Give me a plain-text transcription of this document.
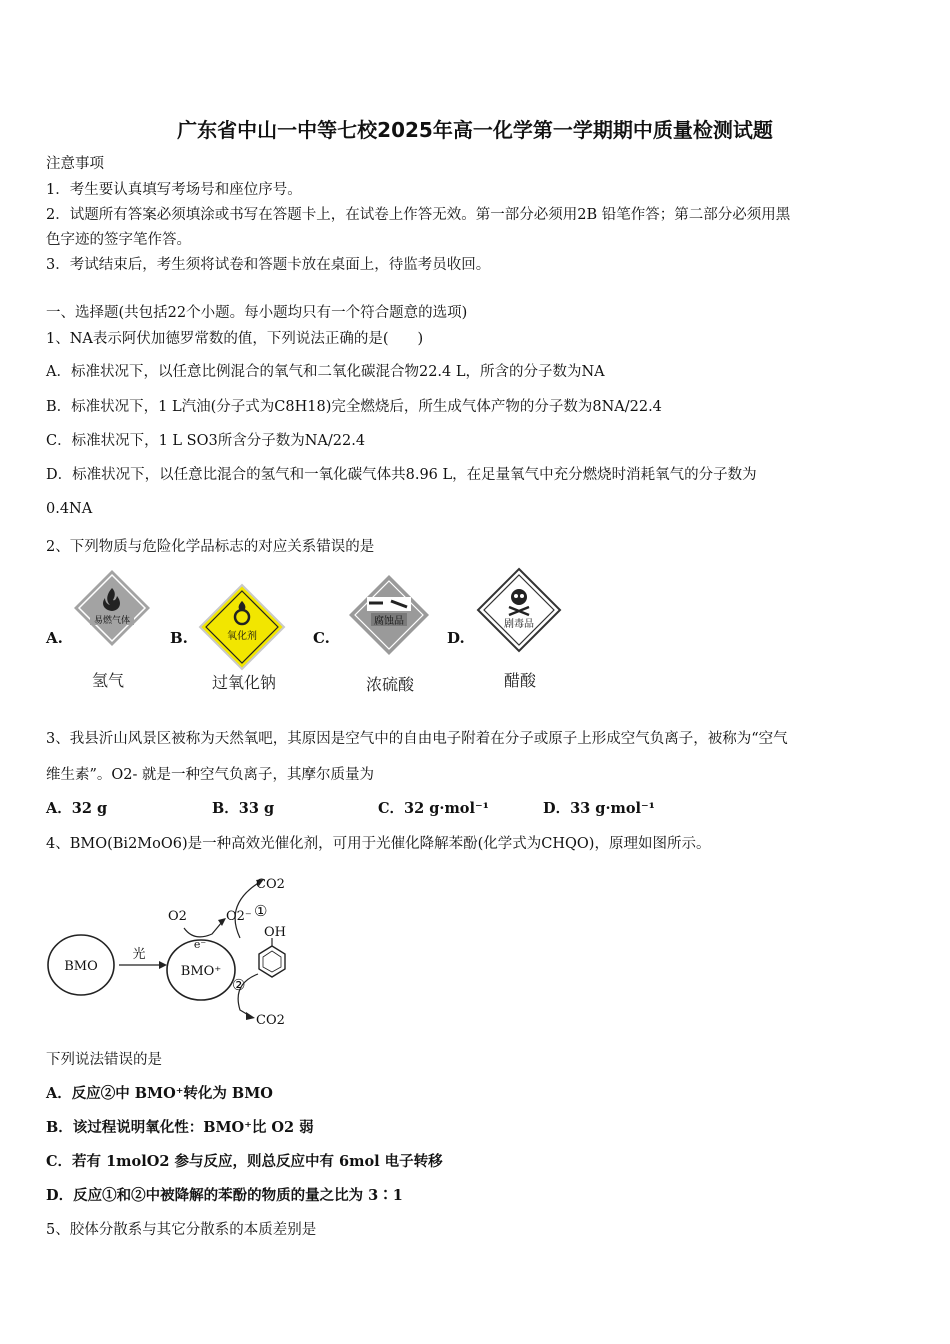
广东省中山一中等七校2025年高一化学第一学期期中质量检测试题
注意事项
1．考生要认真填写考场号和座位序号。
2．试题所有答案必须填涂或书写在答题卡上，在试卷上作答无效。第一部分必须用2B 铅笔作答；第二部分必须用黑
色字迹的签字笔作答。
3．考试结束后，考生须将试卷和答题卡放在桌面上，待监考员收回。
一、选择题(共包括22个小题。每小题均只有一个符合题意的选项)
1、NA表示阿伏加德罗常数的值，下列说法正确的是(　　)
A．标准状况下，以任意比例混合的氧气和二氧化碳混合物22.4 L，所含的分子数为NA
B．标准状况下，1 L汽油(分子式为C8H18)完全燃烧后，所生成气体产物的分子数为8NA/22.4
C．标准状况下，1 L SO3所含分子数为NA/22.4
D．标准状况下，以任意比混合的氢气和一氧化碳气体共8.96 L，在足量氧气中充分燃烧时消耗氧气的分子数为
0.4NA
2、下列物质与危险化学品标志的对应关系错误的是
A.	B.	C.	D.
易燃气体
氢气
氧化剂
过氧化钠
腐蚀品
浓硫酸
剧毒品
醋酸
3、我县沂山风景区被称为天然氧吧，其原因是空气中的自由电子附着在分子或原子上形成空气负离子，被称为“空气
维生素”。O2- 就是一种空气负离子，其摩尔质量为
A．32 g	B．33 g	C．32 g·mol⁻¹	D．33 g·mol⁻¹
4、BMO(Bi2MoO6)是一种高效光催化剂，可用于光催化降解苯酚(化学式为CHQO)，原理如图所示。
BMO
光
BMO⁺
e⁻
O2	O2⁻
CO2
①
OH
②
CO2
下列说法错误的是
A．反应②中 BMO⁺转化为 BMO
B．该过程说明氧化性：BMO⁺比 O2 弱
C．若有 1molO2 参与反应，则总反应中有 6mol 电子转移
D．反应①和②中被降解的苯酚的物质的量之比为 3∶1
5、胶体分散系与其它分散系的本质差别是
